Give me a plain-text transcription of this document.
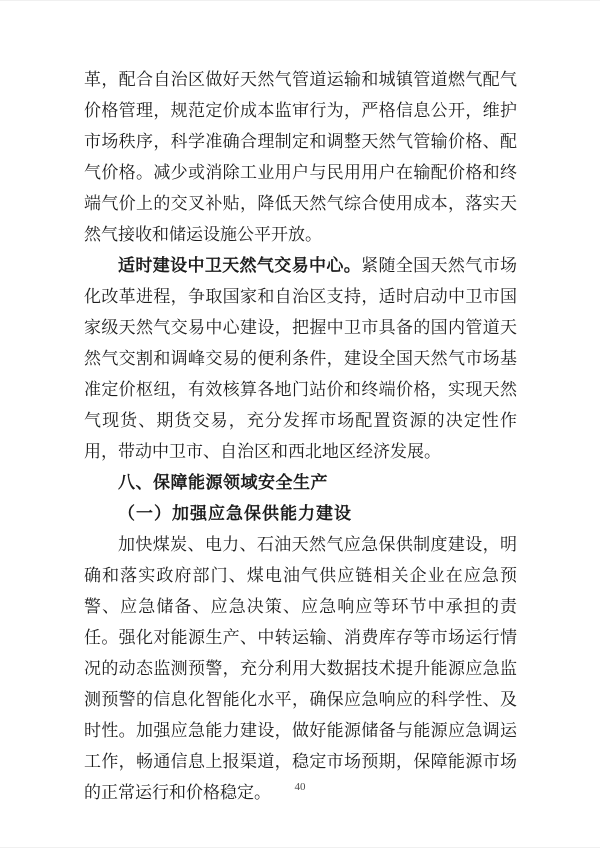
革，配合自治区做好天然气管道运输和城镇管道燃气配气价格管理，规范定价成本监审行为，严格信息公开，维护市场秩序，科学准确合理制定和调整天然气管输价格、配气价格。减少或消除工业用户与民用用户在输配价格和终端气价上的交叉补贴，降低天然气综合使用成本，落实天然气接收和储运设施公平开放。

适时建设中卫天然气交易中心。紧随全国天然气市场化改革进程，争取国家和自治区支持，适时启动中卫市国家级天然气交易中心建设，把握中卫市具备的国内管道天然气交割和调峰交易的便利条件，建设全国天然气市场基准定价枢纽，有效核算各地门站价和终端价格，实现天然气现货、期货交易，充分发挥市场配置资源的决定性作用，带动中卫市、自治区和西北地区经济发展。

八、保障能源领域安全生产

（一）加强应急保供能力建设

加快煤炭、电力、石油天然气应急保供制度建设，明确和落实政府部门、煤电油气供应链相关企业在应急预警、应急储备、应急决策、应急响应等环节中承担的责任。强化对能源生产、中转运输、消费库存等市场运行情况的动态监测预警，充分利用大数据技术提升能源应急监测预警的信息化智能化水平，确保应急响应的科学性、及时性。加强应急能力建设，做好能源储备与能源应急调运工作，畅通信息上报渠道，稳定市场预期，保障能源市场的正常运行和价格稳定。	40
